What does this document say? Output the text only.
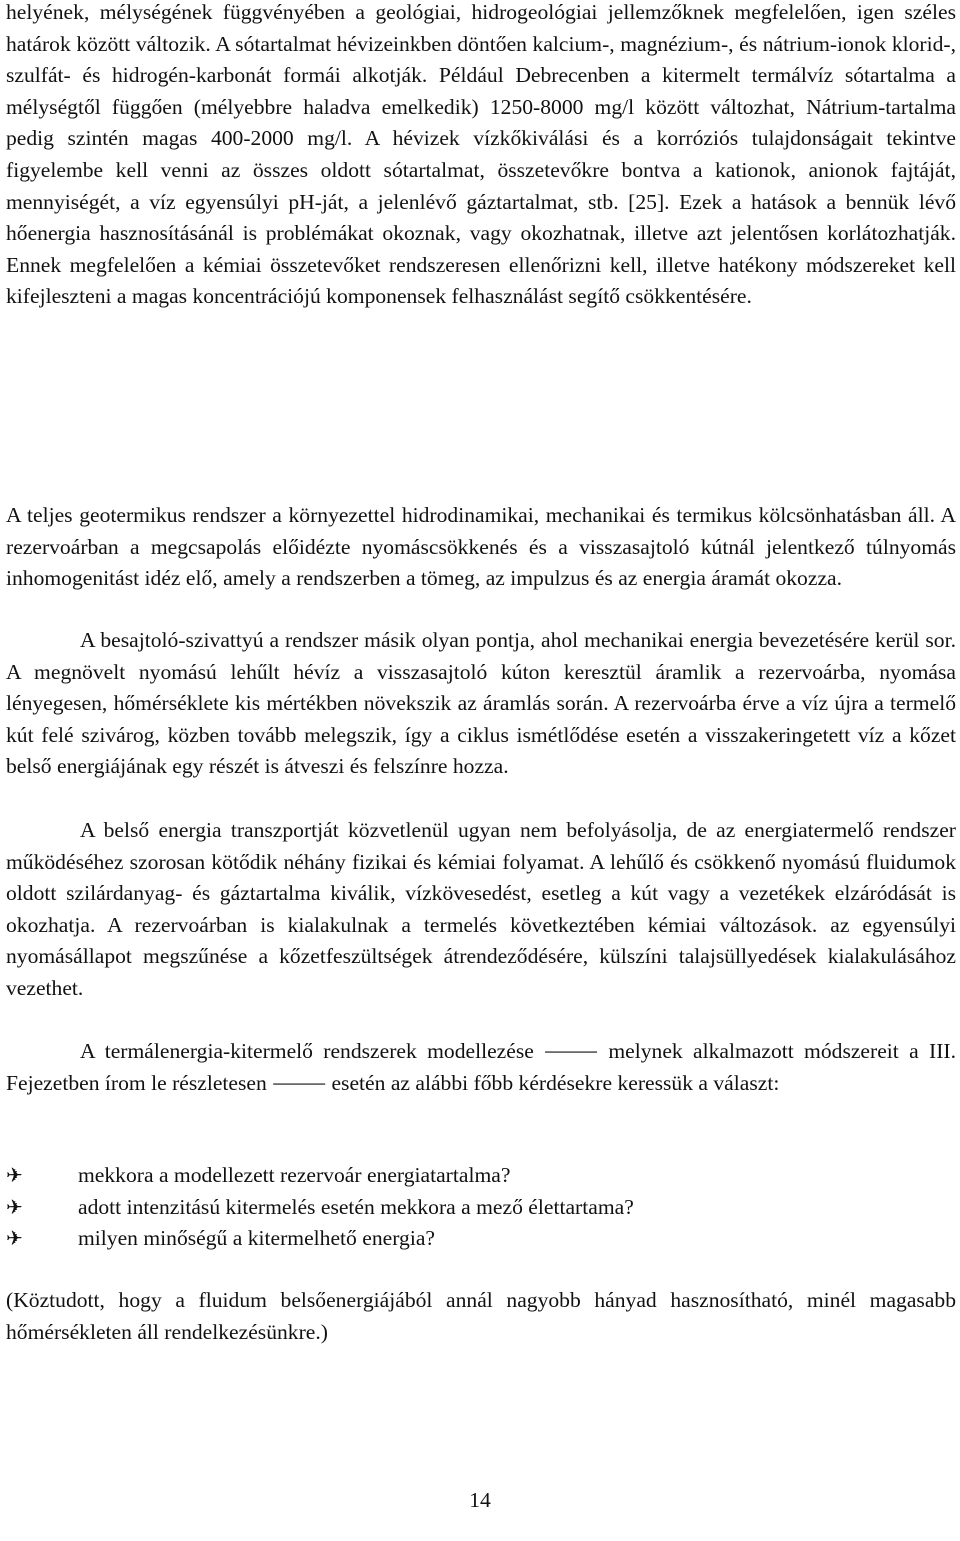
helyének, mélységének függvényében a geológiai, hidrogeológiai jellemzőknek megfelelően, igen széles határok között változik. A sótartalmat hévizeinkben döntően kalcium-, magnézium-, és nátrium-ionok klorid-, szulfát- és hidrogén-karbonát formái alkotják. Például Debrecenben a kitermelt termálvíz sótartalma a mélységtől függően (mélyebbre haladva emelkedik) 1250-8000 mg/l között változhat, Nátrium-tartalma pedig szintén magas 400-2000 mg/l. A hévizek vízkőkiválási és a korróziós tulajdonságait tekintve figyelembe kell venni az összes oldott sótartalmat, összetevőkre bontva a kationok, anionok fajtáját, mennyiségét, a víz egyensúlyi pH-ját, a jelenlévő gáztartalmat, stb. [25]. Ezek a hatások a bennük lévő hőenergia hasznosításánál is problémákat okoznak, vagy okozhatnak, illetve azt jelentősen korlátozhatják. Ennek megfelelően a kémiai összetevőket rendszeresen ellenőrizni kell, illetve hatékony módszereket kell kifejleszteni a magas koncentrációjú komponensek felhasználást segítő csökkentésére.

A teljes geotermikus rendszer a környezettel hidrodinamikai, mechanikai és termikus kölcsönhatásban áll. A rezervoárban a megcsapolás előidézte nyomáscsökkenés és a visszasajtoló kútnál jelentkező túlnyomás inhomogenitást idéz elő, amely a rendszerben a tömeg, az impulzus és az energia áramát okozza.

A besajtoló-szivattyú a rendszer másik olyan pontja, ahol mechanikai energia bevezetésére kerül sor. A megnövelt nyomású lehűlt hévíz a visszasajtoló kúton keresztül áramlik a rezervoárba, nyomása lényegesen, hőmérséklete kis mértékben növekszik az áramlás során. A rezervoárba érve a víz újra a termelő kút felé szivárog, közben tovább melegszik, így a ciklus ismétlődése esetén a visszakeringetett víz a kőzet belső energiájának egy részét is átveszi és felszínre hozza.

A belső energia transzportját közvetlenül ugyan nem befolyásolja, de az energiatermelő rendszer működéséhez szorosan kötődik néhány fizikai és kémiai folyamat. A lehűlő és csökkenő nyomású fluidumok oldott szilárdanyag- és gáztartalma kiválik, vízkövesedést, esetleg a kút vagy a vezetékek elzáródását is okozhatja. A rezervoárban is kialakulnak a termelés következtében kémiai változások. az egyensúlyi nyomásállapot megszűnése a kőzetfeszültségek átrendeződésére, külszíni talajsüllyedések kialakulásához vezethet.

A termálenergia-kitermelő rendszerek modellezése ⸻ melynek alkalmazott módszereit a III. Fejezetben írom le részletesen ⸻ esetén az alábbi főbb kérdésekre keressük a választ:

✈	mekkora a modellezett rezervoár energiatartalma?
✈	adott intenzitású kitermelés esetén mekkora a mező élettartama?
✈	milyen minőségű a kitermelhető energia?

(Köztudott, hogy a fluidum belsőenergiájából annál nagyobb hányad hasznosítható, minél magasabb hőmérsékleten áll rendelkezésünkre.)

14
